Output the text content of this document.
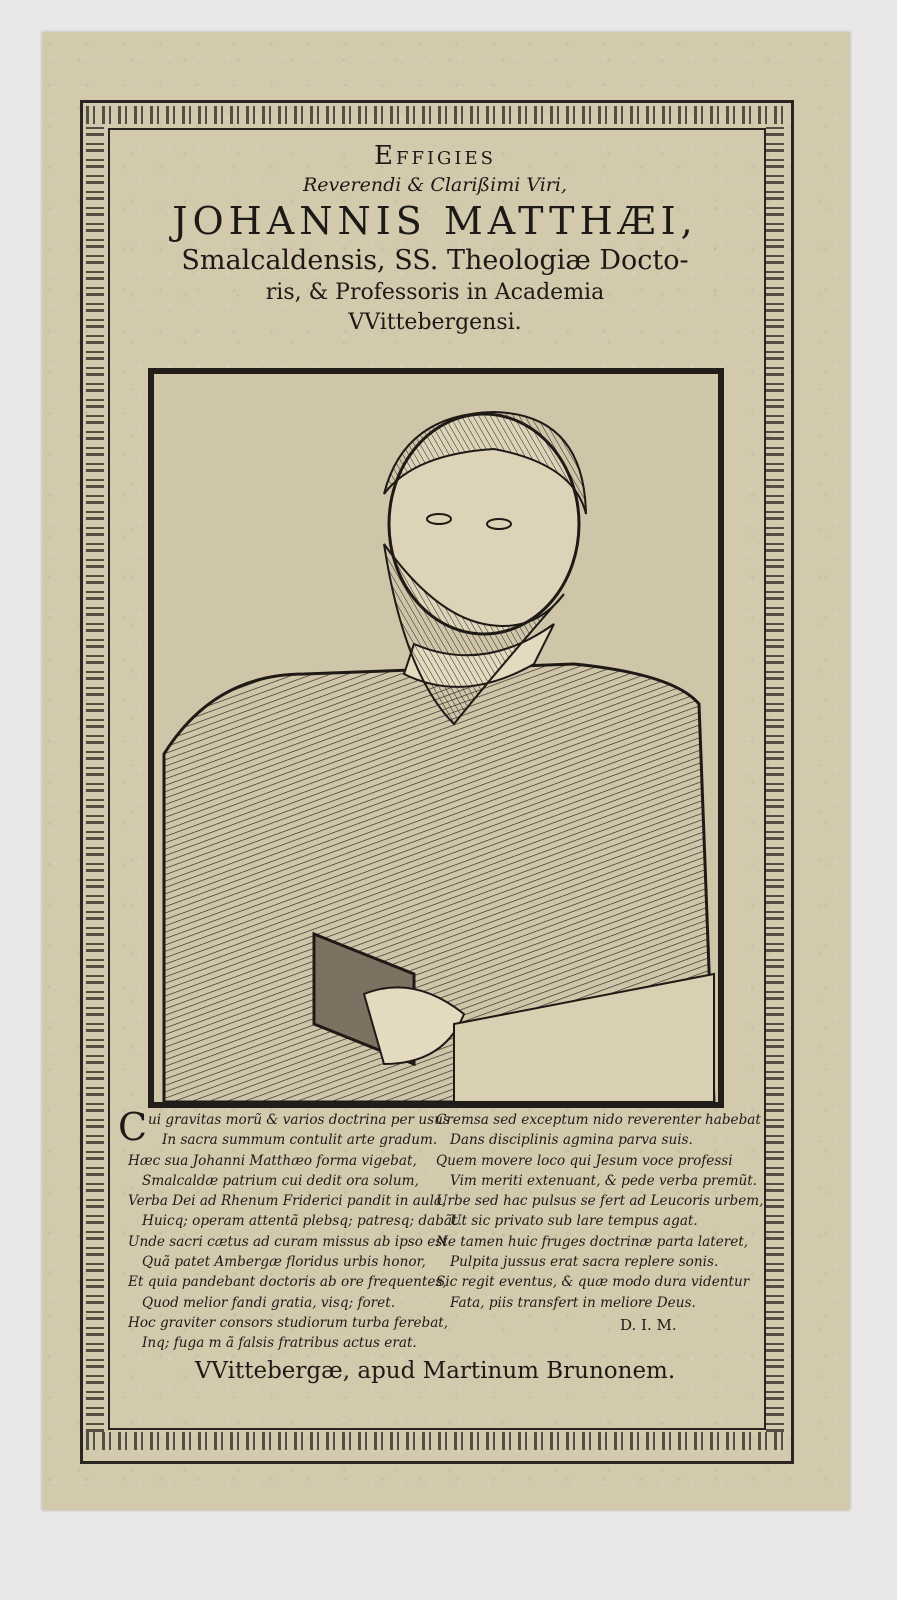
Effigies
Reverendi & Clarißimi Viri,
JOHANNIS MATTHÆI,
Smalcaldensis, SS. Theologiæ Docto-
ris, & Professoris in Academia
VVittebergensi.
C ui gravitas morũ & varios doctrina per usus
In sacra summum contulit arte gradum.
Hæc sua Johanni Matthæo forma vigebat,
Smalcaldæ patrium cui dedit ora solum,
Verba Dei ad Rhenum Friderici pandit in aula,
Huicq; operam attentã plebsq; patresq; dabãt.
Unde sacri cætus ad curam missus ab ipso est
Quã patet Ambergæ floridus urbis honor,
Et quia pandebant doctoris ab ore frequentes,
Quod melior fandi gratia, visq; foret.
Hoc graviter consors studiorum turba ferebat,
Inq; fuga m ã falsis fratribus actus erat.
Cremsa sed exceptum nido reverenter habebat
Dans disciplinis agmina parva suis.
Quem movere loco qui Jesum voce professi
Vim meriti extenuant, & pede verba premũt.
Urbe sed hac pulsus se fert ad Leucoris urbem,
Ut sic privato sub lare tempus agat.
Ne tamen huic fruges doctrinæ parta lateret,
Pulpita jussus erat sacra replere sonis.
Sic regit eventus, & quæ modo dura videntur
Fata, piis transfert in meliore Deus.
D. I. M.
VVittebergæ, apud Martinum Brunonem.
